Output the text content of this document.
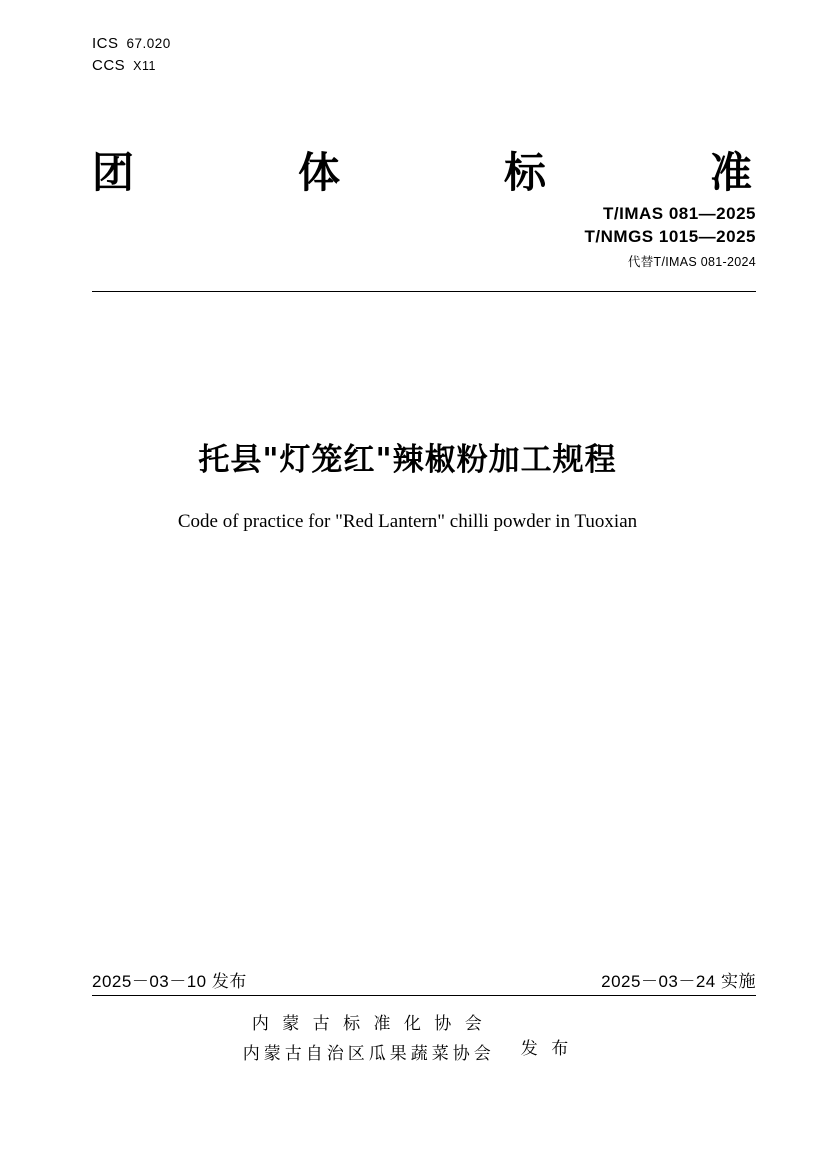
ICS 67.020
CCS X11
团	体	标	准
T/IMAS 081—2025
T/NMGS 1015—2025
代替T/IMAS 081-2024
托县"灯笼红"辣椒粉加工规程
Code of practice for "Red Lantern" chilli powder in Tuoxian
2025－03－10 发布	2025－03－24 实施
内 蒙 古 标 准 化 协 会
内蒙古自治区瓜果蔬菜协会 发 布
